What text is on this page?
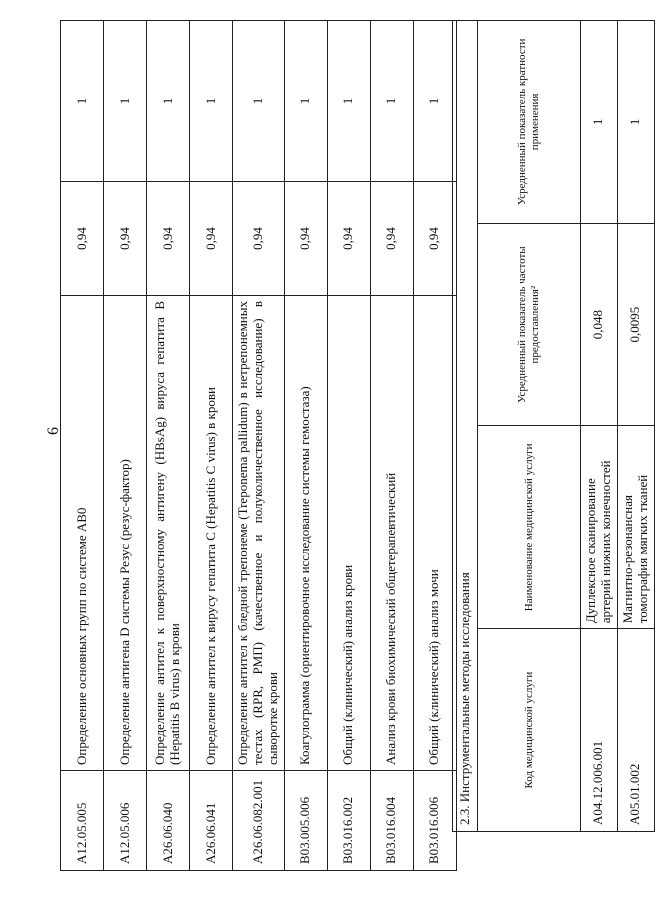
6
A12.05.005	Определение основных групп по системе AB0	0,94	1
A12.05.006	Определение антигена D системы Резус (резус-фактор)	0,94	1
A26.06.040	Определение антител к поверхностному антигену (HBsAg) вируса гепатита B (Hepatitis B virus) в крови	0,94	1
A26.06.041	Определение антител к вирусу гепатита C (Hepatitis C virus) в крови	0,94	1
A26.06.082.001	Определение антител к бледной трепонеме (Treponema pallidum) в нетрепонемных тестах (RPR, РМП) (качественное и полуколичественное исследование) в сыворотке крови	0,94	1
B03.005.006	Коагулограмма (ориентировочное исследование системы гемостаза)	0,94	1
B03.016.002	Общий (клинический) анализ крови	0,94	1
B03.016.004	Анализ крови биохимический общетерапевтический	0,94	1
B03.016.006	Общий (клинический) анализ мочи	0,94	1
2.3. Инструментальные методы исследования			
Код медицинской услуги	Наименование медицинской услуги	Усредненный показатель частоты предоставления²	Усредненный показатель кратности применения
A04.12.006.001	Дуплексное сканирование артерий нижних конечностей	0,048	1
A05.01.002	Магнитно-резонансная томография мягких тканей	0,0095	1
